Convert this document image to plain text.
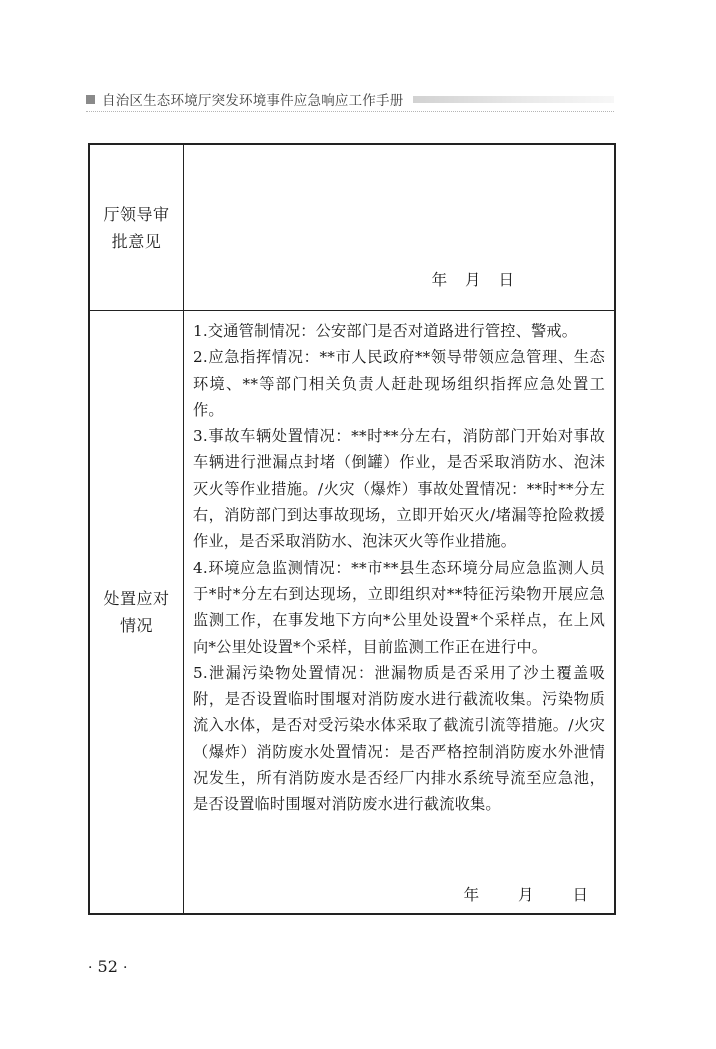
自治区生态环境厅突发环境事件应急响应工作手册
厅领导审
批意见
年 月 日
处置应对
情况

1.交通管制情况：公安部门是否对道路进行管控、警戒。

2.应急指挥情况：**市人民政府**领导带领应急管理、生态环境、**等部门相关负责人赶赴现场组织指挥应急处置工作。

3.事故车辆处置情况：**时**分左右，消防部门开始对事故车辆进行泄漏点封堵（倒罐）作业，是否采取消防水、泡沫灭火等作业措施。/火灾（爆炸）事故处置情况：**时**分左右，消防部门到达事故现场，立即开始灭火/堵漏等抢险救援作业，是否采取消防水、泡沫灭火等作业措施。

4.环境应急监测情况：**市**县生态环境分局应急监测人员于*时*分左右到达现场，立即组织对**特征污染物开展应急监测工作，在事发地下方向*公里处设置*个采样点，在上风向*公里处设置*个采样，目前监测工作正在进行中。

5.泄漏污染物处置情况：泄漏物质是否采用了沙土覆盖吸附，是否设置临时围堰对消防废水进行截流收集。污染物质流入水体，是否对受污染水体采取了截流引流等措施。/火灾（爆炸）消防废水处置情况：是否严格控制消防废水外泄情况发生，所有消防废水是否经厂内排水系统导流至应急池，是否设置临时围堰对消防废水进行截流收集。

年	月	日
· 52 ·
